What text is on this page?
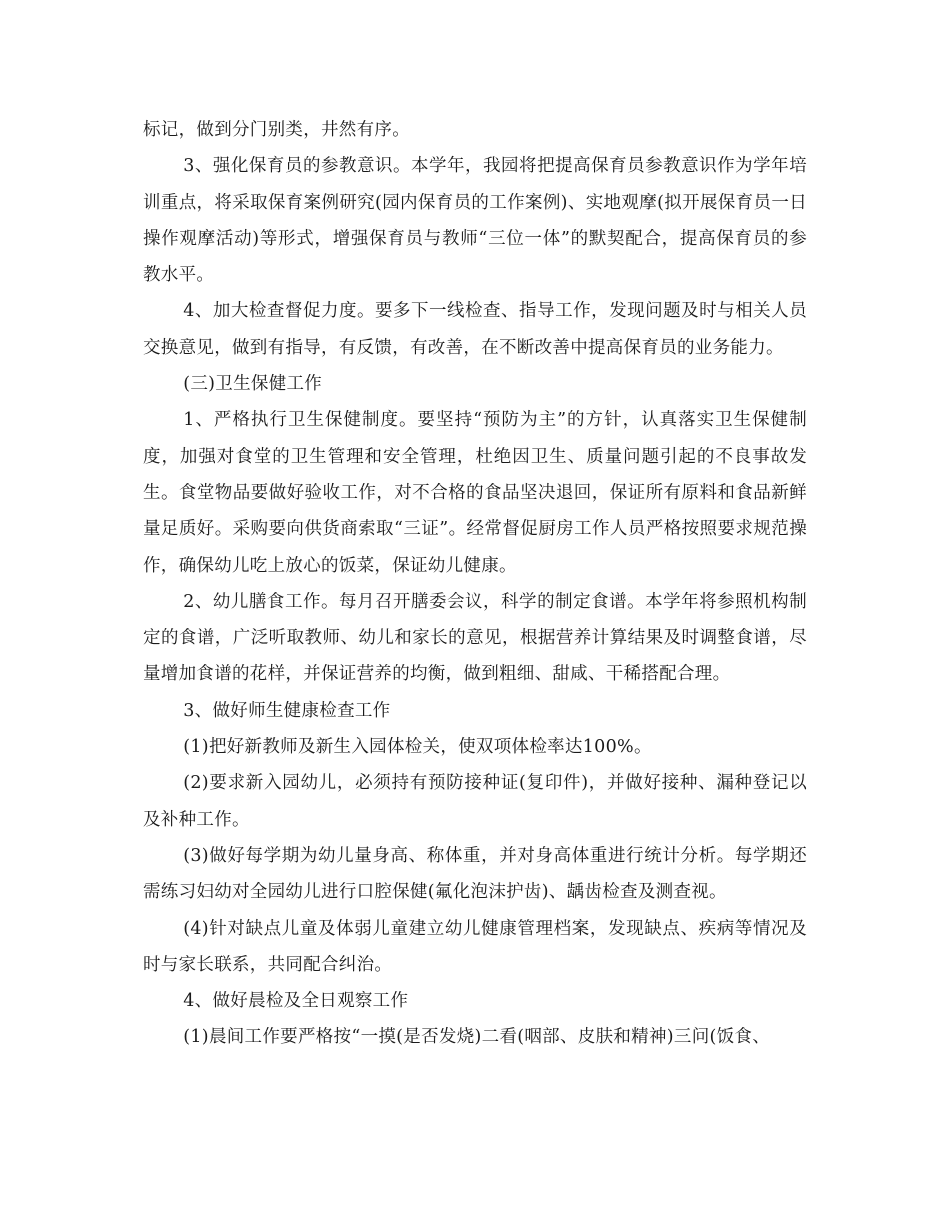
标记，做到分门别类，井然有序。

3、强化保育员的参教意识。本学年，我园将把提高保育员参教意识作为学年培训重点，将采取保育案例研究(园内保育员的工作案例)、实地观摩(拟开展保育员一日操作观摩活动)等形式，增强保育员与教师“三位一体”的默契配合，提高保育员的参教水平。

4、加大检查督促力度。要多下一线检查、指导工作，发现问题及时与相关人员交换意见，做到有指导，有反馈，有改善，在不断改善中提高保育员的业务能力。

(三)卫生保健工作

1、严格执行卫生保健制度。要坚持“预防为主”的方针，认真落实卫生保健制度，加强对食堂的卫生管理和安全管理，杜绝因卫生、质量问题引起的不良事故发生。食堂物品要做好验收工作，对不合格的食品坚决退回，保证所有原料和食品新鲜量足质好。采购要向供货商索取“三证”。经常督促厨房工作人员严格按照要求规范操作，确保幼儿吃上放心的饭菜，保证幼儿健康。

2、幼儿膳食工作。每月召开膳委会议，科学的制定食谱。本学年将参照机构制定的食谱，广泛听取教师、幼儿和家长的意见，根据营养计算结果及时调整食谱，尽量增加食谱的花样，并保证营养的均衡，做到粗细、甜咸、干稀搭配合理。

3、做好师生健康检查工作

(1)把好新教师及新生入园体检关，使双项体检率达100%。

(2)要求新入园幼儿，必须持有预防接种证(复印件)，并做好接种、漏种登记以及补种工作。

(3)做好每学期为幼儿量身高、称体重，并对身高体重进行统计分析。每学期还需练习妇幼对全园幼儿进行口腔保健(氟化泡沫护齿)、龋齿检查及测查视。

(4)针对缺点儿童及体弱儿童建立幼儿健康管理档案，发现缺点、疾病等情况及时与家长联系，共同配合纠治。

4、做好晨检及全日观察工作

(1)晨间工作要严格按“一摸(是否发烧)二看(咽部、皮肤和精神)三问(饭食、
